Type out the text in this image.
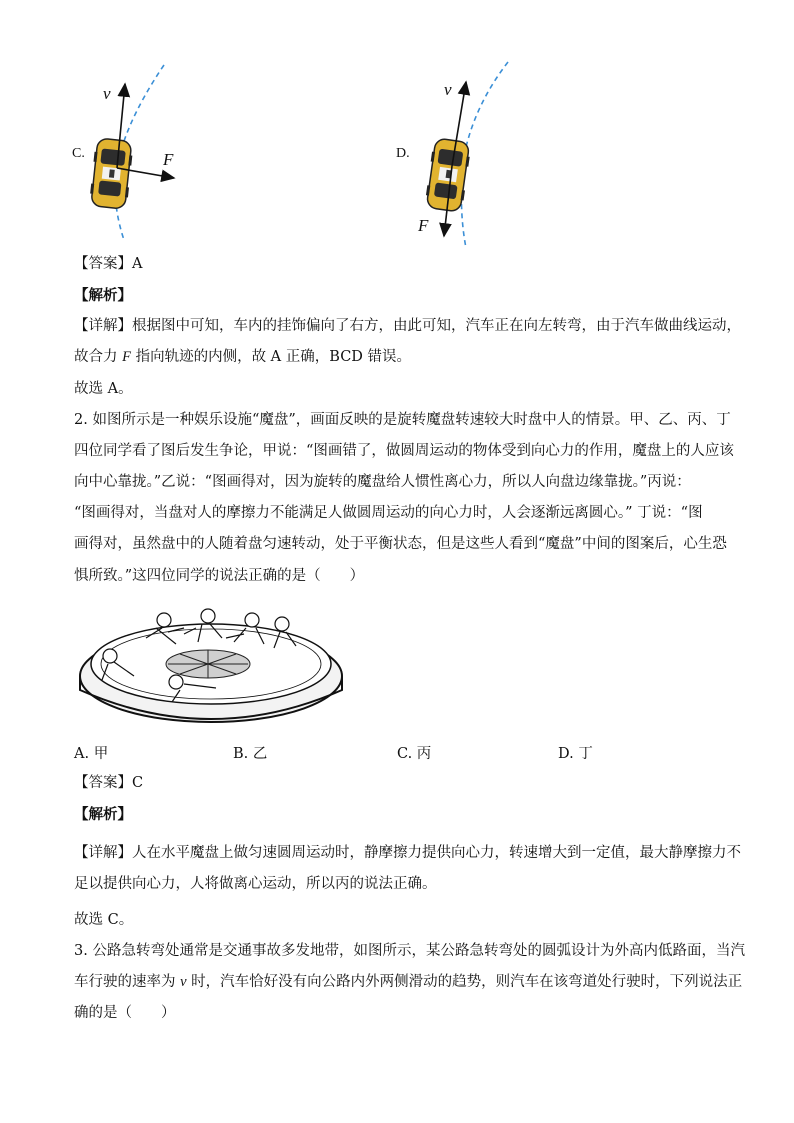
C.
v
F	D.
v
F
【答案】A
【解析】
【详解】根据图中可知，车内的挂饰偏向了右方，由此可知，汽车正在向左转弯，由于汽车做曲线运动，
故合力 F 指向轨迹的内侧，故 A 正确，BCD 错误。
故选 A。
2. 如图所示是一种娱乐设施“魔盘”，画面反映的是旋转魔盘转速较大时盘中人的情景。甲、乙、丙、丁
四位同学看了图后发生争论，甲说：“图画错了，做圆周运动的物体受到向心力的作用，魔盘上的人应该
向中心靠拢。”乙说：“图画得对，因为旋转的魔盘给人惯性离心力，所以人向盘边缘靠拢。”丙说：
“图画得对，当盘对人的摩擦力不能满足人做圆周运动的向心力时，人会逐渐远离圆心。” 丁说：“图
画得对，虽然盘中的人随着盘匀速转动，处于平衡状态，但是这些人看到“魔盘”中间的图案后，心生恐
惧所致。”这四位同学的说法正确的是（　　）
A. 甲	B. 乙	C. 丙	D. 丁
【答案】C
【解析】
【详解】人在水平魔盘上做匀速圆周运动时，静摩擦力提供向心力，转速增大到一定值，最大静摩擦力不
足以提供向心力，人将做离心运动，所以丙的说法正确。
故选 C。
3. 公路急转弯处通常是交通事故多发地带，如图所示，某公路急转弯处的圆弧设计为外高内低路面，当汽
车行驶的速率为 v 时，汽车恰好没有向公路内外两侧滑动的趋势，则汽车在该弯道处行驶时，下列说法正
确的是（　　）
